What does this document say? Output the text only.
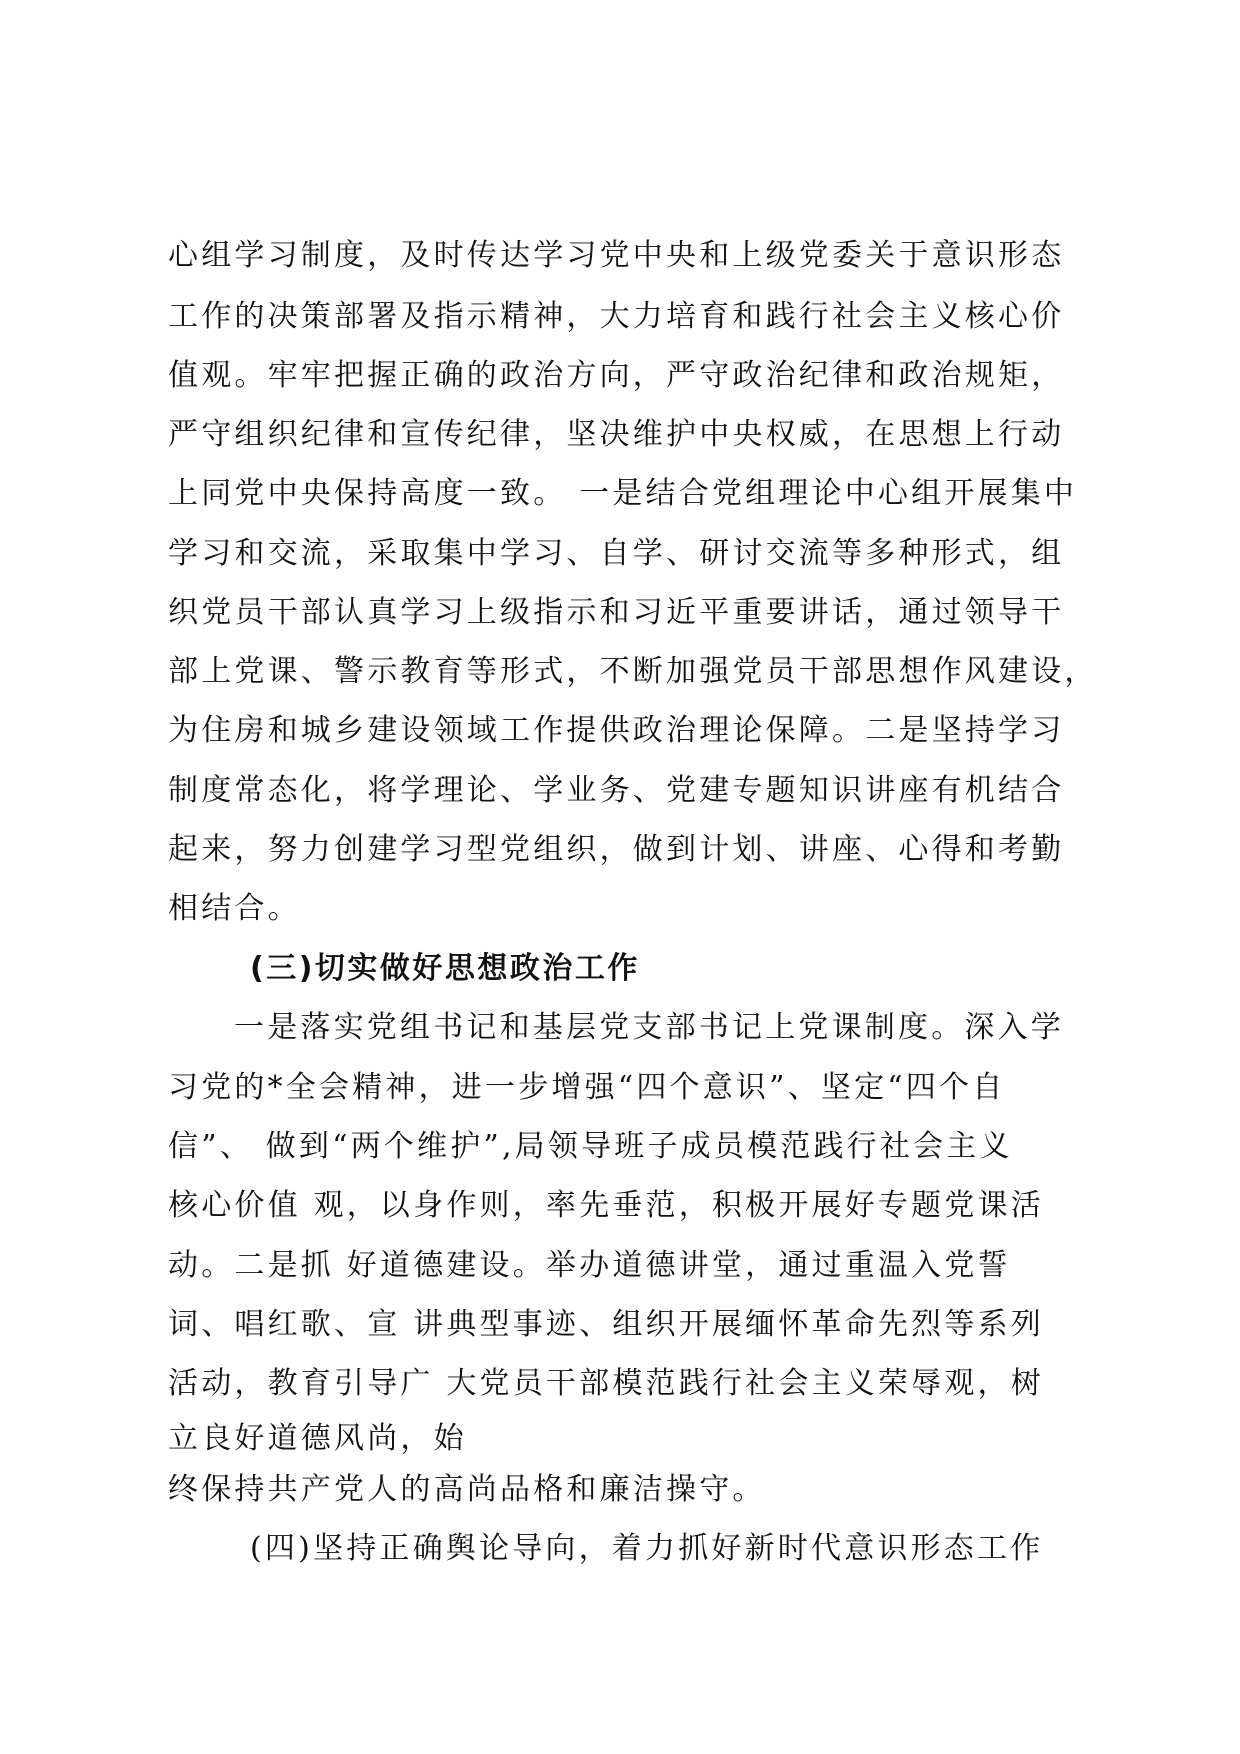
心组学习制度，及时传达学习党中央和上级党委关于意识形态
工作的决策部署及指示精神，大力培育和践行社会主义核心价
值观。牢牢把握正确的政治方向，严守政治纪律和政治规矩，
严守组织纪律和宣传纪律，坚决维护中央权威，在思想上行动
上同党中央保持高度一致。 一是结合党组理论中心组开展集中
学习和交流，采取集中学习、自学、研讨交流等多种形式，组
织党员干部认真学习上级指示和习近平重要讲话，通过领导干
部上党课、警示教育等形式，不断加强党员干部思想作风建设，
为住房和城乡建设领域工作提供政治理论保障。二是坚持学习
制度常态化，将学理论、学业务、党建专题知识讲座有机结合
起来，努力创建学习型党组织，做到计划、讲座、心得和考勤
相结合。
(三)切实做好思想政治工作
一是落实党组书记和基层党支部书记上党课制度。深入学
习党的*全会精神，进一步增强“四个意识”、坚定“四个自
信”、 做到“两个维护”,局领导班子成员模范践行社会主义
核心价值 观，以身作则，率先垂范，积极开展好专题党课活
动。二是抓 好道德建设。举办道德讲堂，通过重温入党誓
词、唱红歌、宣 讲典型事迹、组织开展缅怀革命先烈等系列
活动，教育引导广 大党员干部模范践行社会主义荣辱观，树
立良好道德风尚，始
终保持共产党人的高尚品格和廉洁操守。
(四)坚持正确舆论导向，着力抓好新时代意识形态工作
